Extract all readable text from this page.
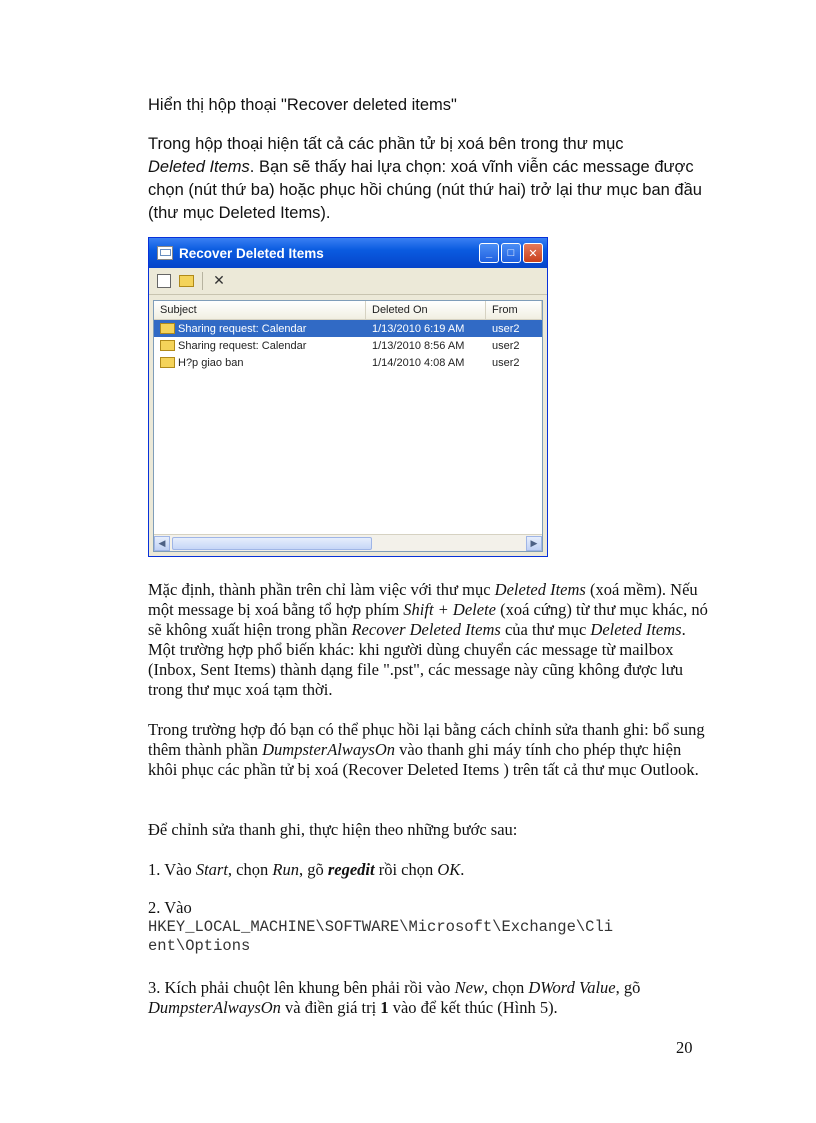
Hiển thị hộp thoại "Recover deleted items"

Trong hộp thoại hiện tất cả các phần tử bị xoá bên trong thư mục
Deleted Items. Bạn sẽ thấy hai lựa chọn: xoá vĩnh viễn các message được chọn (nút thứ ba) hoặc phục hồi chúng (nút thứ hai) trở lại thư mục ban đầu (thư mục Deleted Items).

Recover Deleted Items	_	□	✕
✕
Subject	Deleted On	From
Sharing request: Calendar	1/13/2010 6:19 AM	user2
Sharing request: Calendar	1/13/2010 8:56 AM	user2
H?p giao ban	1/14/2010 4:08 AM	user2
◀	▶

Mặc định, thành phần trên chỉ làm việc với thư mục Deleted Items (xoá mềm). Nếu một message bị xoá bằng tổ hợp phím Shift + Delete (xoá cứng) từ thư mục khác, nó sẽ không xuất hiện trong phần Recover Deleted Items của thư mục Deleted Items. Một trường hợp phổ biến khác: khi người dùng chuyển các message từ mailbox (Inbox, Sent Items) thành dạng file ".pst", các message này cũng không được lưu trong thư mục xoá tạm thời.

Trong trường hợp đó bạn có thể phục hồi lại bằng cách chỉnh sửa thanh ghi: bổ sung thêm thành phần DumpsterAlwaysOn vào thanh ghi máy tính cho phép thực hiện khôi phục các phần tử bị xoá (Recover Deleted Items ) trên tất cả thư mục Outlook.

Để chỉnh sửa thanh ghi, thực hiện theo những bước sau:

1. Vào Start, chọn Run, gõ regedit rồi chọn OK.

2. Vào

HKEY_LOCAL_MACHINE\SOFTWARE\Microsoft\Exchange\Cli
ent\Options

3. Kích phải chuột lên khung bên phải rồi vào New, chọn DWord Value, gõ DumpsterAlwaysOn và điền giá trị 1 vào để kết thúc (Hình 5).

20
